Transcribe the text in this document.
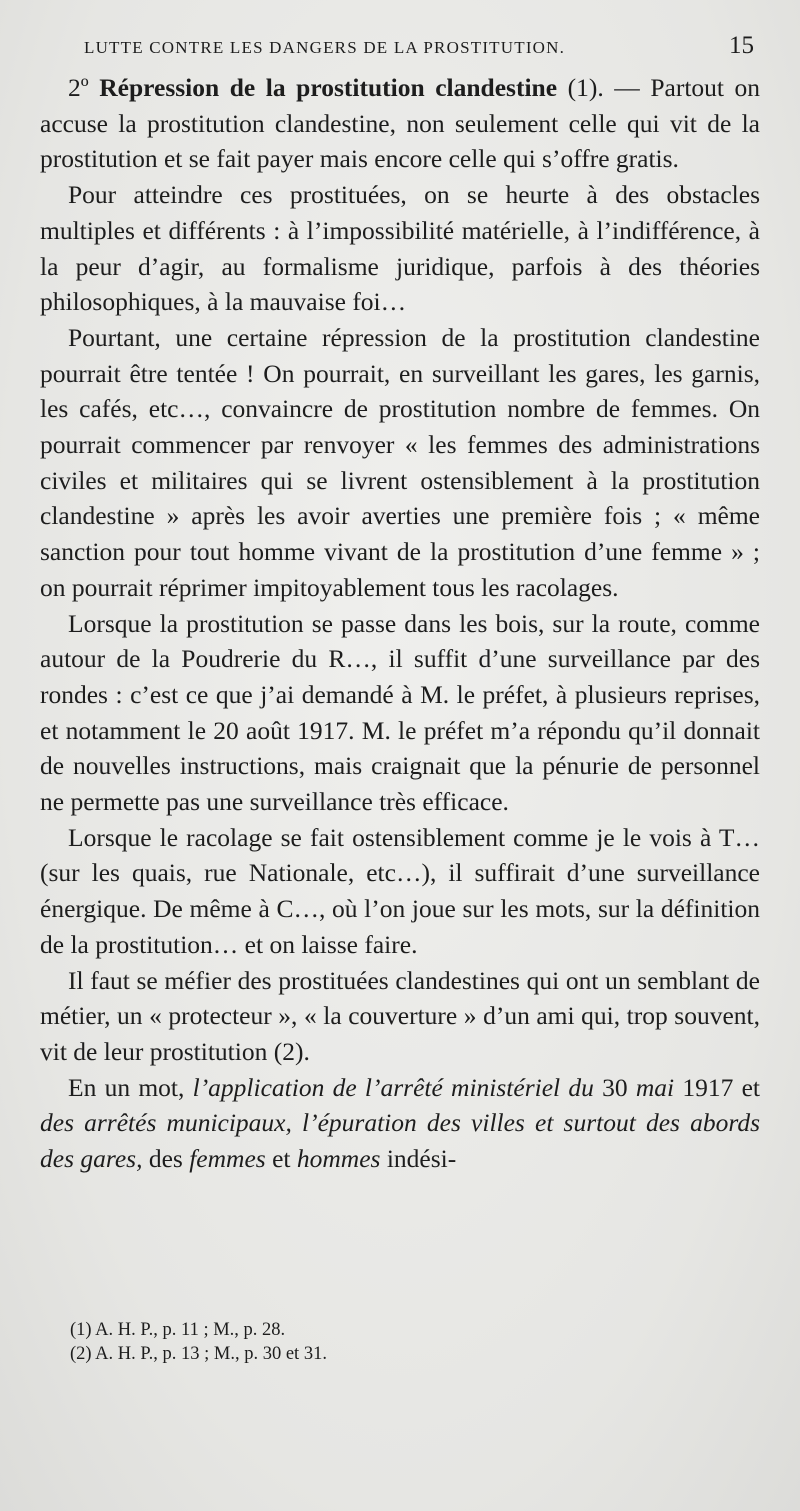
LUTTE CONTRE LES DANGERS DE LA PROSTITUTION.	15

2º Répression de la prostitution clandestine (1). — Partout on accuse la prostitution clandestine, non seulement celle qui vit de la prostitution et se fait payer mais encore celle qui s’offre gratis.

Pour atteindre ces prostituées, on se heurte à des obstacles multiples et différents : à l’impossibilité matérielle, à l’indifférence, à la peur d’agir, au formalisme juridique, parfois à des théories philosophiques, à la mauvaise foi…

Pourtant, une certaine répression de la prostitution clandestine pourrait être tentée ! On pourrait, en surveillant les gares, les garnis, les cafés, etc…, convaincre de prostitution nombre de femmes. On pourrait commencer par renvoyer « les femmes des administrations civiles et militaires qui se livrent ostensiblement à la prostitution clandestine » après les avoir averties une première fois ; « même sanction pour tout homme vivant de la prostitution d’une femme » ; on pourrait réprimer impitoyablement tous les racolages.

Lorsque la prostitution se passe dans les bois, sur la route, comme autour de la Poudrerie du R…, il suffit d’une surveillance par des rondes : c’est ce que j’ai demandé à M. le préfet, à plusieurs reprises, et notamment le 20 août 1917. M. le préfet m’a répondu qu’il donnait de nouvelles instructions, mais craignait que la pénurie de personnel ne permette pas une surveillance très efficace.

Lorsque le racolage se fait ostensiblement comme je le vois à T… (sur les quais, rue Nationale, etc…), il suffirait d’une surveillance énergique. De même à C…, où l’on joue sur les mots, sur la définition de la prostitution… et on laisse faire.

Il faut se méfier des prostituées clandestines qui ont un semblant de métier, un « protecteur », « la couverture » d’un ami qui, trop souvent, vit de leur prostitution (2).

En un mot, l’application de l’arrêté ministériel du 30 mai 1917 et des arrêtés municipaux, l’épuration des villes et surtout des abords des gares, des femmes et hommes indési-

(1) A. H. P., p. 11 ; M., p. 28.
(2) A. H. P., p. 13 ; M., p. 30 et 31.
